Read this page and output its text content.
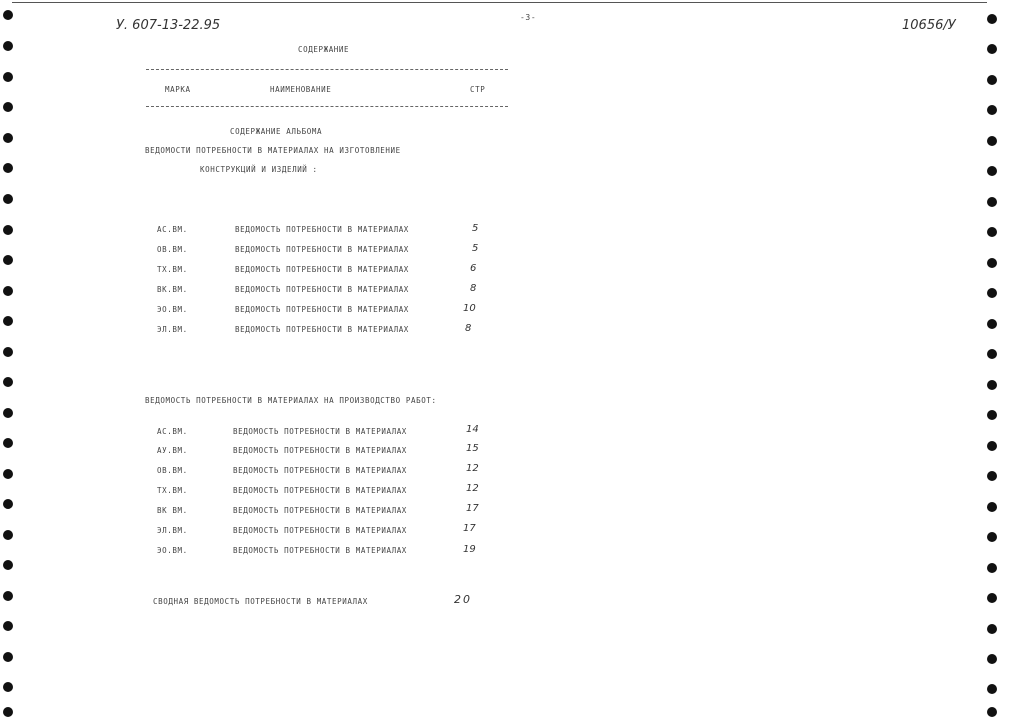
У. 607-13-22.95
-3-
10656/У
СОДЕРЖАНИЕ
МАРКА	НАИМЕНОВАНИЕ	СТР
СОДЕРЖАНИЕ АЛЬБОМА
ВЕДОМОСТИ ПОТРЕБНОСТИ В МАТЕРИАЛАХ НА ИЗГОТОВЛЕНИЕ
КОНСТРУКЦИЙ И ИЗДЕЛИЙ :
АС.ВМ.	ВЕДОМОСТЬ ПОТРЕБНОСТИ В МАТЕРИАЛАХ	5
ОВ.ВМ.	ВЕДОМОСТЬ ПОТРЕБНОСТИ В МАТЕРИАЛАХ	5
ТХ.ВМ.	ВЕДОМОСТЬ ПОТРЕБНОСТИ В МАТЕРИАЛАХ	6
ВК.ВМ.	ВЕДОМОСТЬ ПОТРЕБНОСТИ В МАТЕРИАЛАХ	8
ЭО.ВМ.	ВЕДОМОСТЬ ПОТРЕБНОСТИ В МАТЕРИАЛАХ	10
ЭЛ.ВМ.	ВЕДОМОСТЬ ПОТРЕБНОСТИ В МАТЕРИАЛАХ	8
ВЕДОМОСТЬ ПОТРЕБНОСТИ В МАТЕРИАЛАХ НА ПРОИЗВОДСТВО РАБОТ:
АС.ВМ.	ВЕДОМОСТЬ ПОТРЕБНОСТИ В МАТЕРИАЛАХ	14
АУ.ВМ.	ВЕДОМОСТЬ ПОТРЕБНОСТИ В МАТЕРИАЛАХ	15
ОВ.ВМ.	ВЕДОМОСТЬ ПОТРЕБНОСТИ В МАТЕРИАЛАХ	12
ТХ.ВМ.	ВЕДОМОСТЬ ПОТРЕБНОСТИ В МАТЕРИАЛАХ	12
ВК ВМ.	ВЕДОМОСТЬ ПОТРЕБНОСТИ В МАТЕРИАЛАХ	17
ЭЛ.ВМ.	ВЕДОМОСТЬ ПОТРЕБНОСТИ В МАТЕРИАЛАХ	17
ЭО.ВМ.	ВЕДОМОСТЬ ПОТРЕБНОСТИ В МАТЕРИАЛАХ	19
СВОДНАЯ ВЕДОМОСТЬ ПОТРЕБНОСТИ В МАТЕРИАЛАХ	20
